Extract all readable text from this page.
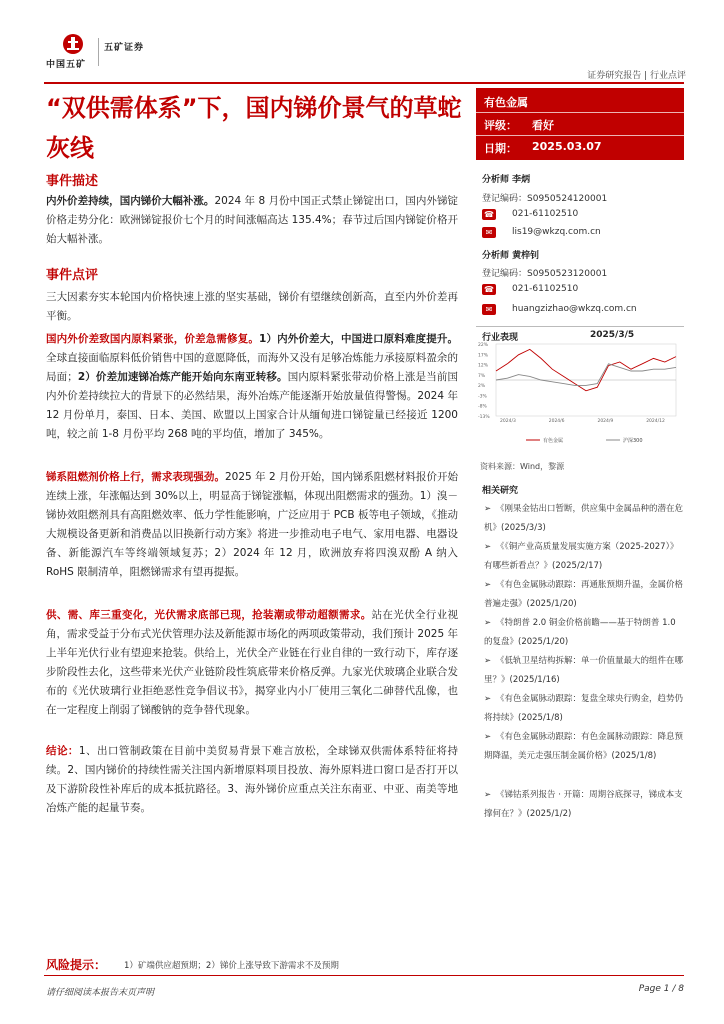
中国五矿
五矿证券
证券研究报告 | 行业点评
“双供需体系”下，国内锑价景气的草蛇灰线
有色金属
评级： 看好
日期： 2025.03.07
事件描述
内外价差持续，国内锑价大幅补涨。2024 年 8 月份中国正式禁止锑锭出口，国内外锑锭价格走势分化：欧洲锑锭报价七个月的时间涨幅高达 135.4%；春节过后国内锑锭价格开始大幅补涨。
事件点评
三大因素夯实本轮国内价格快速上涨的坚实基础，锑价有望继续创新高，直至内外价差再平衡。
国内外价差致国内原料紧张，价差急需修复。1）内外价差大，中国进口原料难度提升。全球直接面临原料低价销售中国的意愿降低，而海外又没有足够冶炼能力承接原料盈余的局面；2）价差加速锑冶炼产能开始向东南亚转移。国内原料紧张带动价格上涨是当前国内外价差持续拉大的背景下的必然结果，海外冶炼产能逐渐开始放量值得警惕。2024 年 12 月份单月，泰国、日本、美国、欧盟以上国家合计从缅甸进口锑锭量已经接近 1200 吨，较之前 1-8 月份平均 268 吨的平均值，增加了 345%。
锑系阻燃剂价格上行，需求表现强劲。2025 年 2 月份开始，国内锑系阻燃材料报价开始连续上涨，年涨幅达到 30%以上，明显高于锑锭涨幅，体现出阻燃需求的强劲。1）溴－锑协效阻燃剂具有高阻燃效率、低力学性能影响，广泛应用于 PCB 板等电子领域，《推动大规模设备更新和消费品以旧换新行动方案》将进一步推动电子电气、家用电器、电器设备、新能源汽车等终端领域复苏；2）2024 年 12 月，欧洲放弃将四溴双酚 A 纳入 RoHS 限制清单，阻燃锑需求有望再提振。
供、需、库三重变化，光伏需求底部已现，抢装潮或带动超额需求。站在光伏全行业视角，需求受益于分布式光伏管理办法及新能源市场化的两项政策带动，我们预计 2025 年上半年光伏行业有望迎来抢装。供给上，光伏全产业链在行业自律的一致行动下，库存逐步阶段性去化，这些带来光伏产业链阶段性筑底带来价格反弹。九家光伏玻璃企业联合发布的《光伏玻璃行业拒绝恶性竞争倡议书》，揭穿业内小厂使用三氧化二砷替代乱像，也在一定程度上削弱了锑酸钠的竞争替代现象。
结论：1、出口管制政策在目前中美贸易背景下难言放松，全球锑双供需体系特征将持续。2、国内锑价的持续性需关注国内新增原料项目投放、海外原料进口窗口是否打开以及下游阶段性补库后的成本抵抗路径。3、海外锑价应重点关注东南亚、中亚、南美等地冶炼产能的起量节奏。
分析师 李炳
登记编码：S0950524120001
☎ 021-61102510
✉	lis19@wkzq.com.cn
分析师 黄梓钊
登记编码：S0950523120001
☎ 021-61102510
✉	huangzizhao@wkzq.com.cn
行业表现	2025/3/5
22%
17%
12%
7%
2%
-3%
-8%
-13%
2024/3	2024/6	2024/9	2024/12
有色金属	沪深300
资料来源：Wind，黎源
相关研究
➢ 《刚果金钴出口暂断，供应集中金属品种的潜在危机》(2025/3/3)
➢ 《《铜产业高质量发展实施方案（2025-2027）》有哪些新看点？》(2025/2/17)
➢ 《有色金属脉动跟踪：再通胀预期升温，金属价格普遍走强》(2025/1/20)
➢ 《特朗普 2.0 铜金价格前瞻——基于特朗普 1.0 的复盘》(2025/1/20)
➢ 《低轨卫星结构拆解：单一价值量最大的组件在哪里？》(2025/1/16)
➢ 《有色金属脉动跟踪：复盘全球央行购金，趋势仍将持续》(2025/1/8)
➢ 《有色金属脉动跟踪：有色金属脉动跟踪：降息预期降温，美元走强压制金属价格》(2025/1/8)
➢ 《锑钴系列报告 · 开篇：周期谷底探寻，锑成本支撑何在？》(2025/1/2)
风险提示： 1）矿端供应超预期；2）锑价上涨导致下游需求不及预期
请仔细阅读本报告末页声明	Page 1 / 8
